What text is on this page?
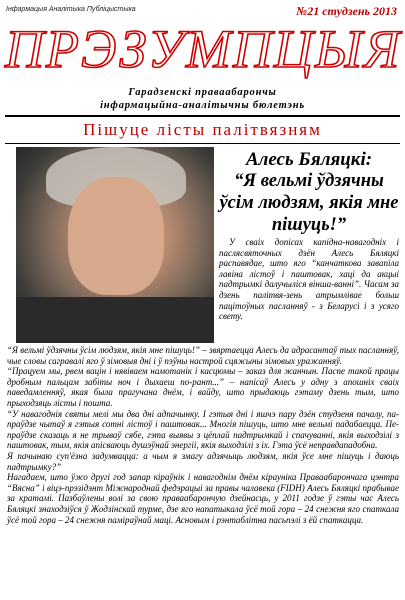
Інфармацыя Аналітыка Публіцыстыка	№21 студзень 2013
ПРЭЗУМПЦЫЯ
Гарадзенскі праваабарончы
інфармацыйна-аналітычны бюлетэнь
Пішуце лісты палітвязням
Алесь Бяляцкі:
“Я вельмі ўдзячны ўсім людзям, якія мне пішуць!”
У сваіх допісах капідна-навагодніх і паслясвяточных дзён Алесь Бяляцкі распавядае, што яго “канчаткова завапіла лавіна лістоў і паштовак, хаці да акцыі падтрымкі далучыліся вінша-ванні”. Часам за дзень палітвя-зень атрымлівае больш пацітоўных пасланняў - з Беларусі і з усяго свету.

“Я вельмі ўдзячны ўсім людзям, якія мне пішуць!” – звяртаецца Алесь да адрасантаў тых пасланняў, чые словы сагравалі яго ў зімовыя дні і ў пэўны настрой сцяжыны зімовых уражанняў.

“Працуем мы, рвем вацін і нявіваем намотанік і касцюмы – заказ для жанчын. Паспе такой працы дробным пальцам забіты ноч і дыхаеш по-рант...” – напісаў Алесь у адну з апошніх сваіх паведамленняў, якая была прагучана днём, і вайду, што прыдаюць гэтаму дзень тым, што прыходзяць лісты і пошта.

“У навагоднія святы мелі мы два дні адпачынку. І гэтыя дні і яшчэ пару дзён студзеня пачалу, па-праўдзе чытаў я гэтыя сотні лістоў і паштовак... Многія пішуць, што мне вельмі падабаецца. Пе-праўдзе сказаць я не трываў сябе, гэта выявы з цёплай падтрымкай і спачуванні, якія выходзілі з паштовак, тым, якія апісваюць душэўнай энергіі, якія выходзілі з іх. Гэта ўсё неправдападобна.

Я пачынаю суп'ёзна задумвацца: а чым я змагу адзячыць людзям, якія ўсе мне пішуць і даюць падтрымку?”

Нагадаем, што ўжо другі год запар кіраўнік і навагоднім днём кірауніка Праваабарончага цэнтра “Вясна” і віцэ-прэзідэнт Міжнароднай федэрацыі за правы чалавека (FIDH) Алесь Бяляцкі прабывае за кратамі. Пазбаўлены волі за свою праваабарончую дзейнасць, у 2011 годзе ў гэты час Алесь Бяляцкі знаходзіўся ў Жодзінскай турме, дзе яго напатыкала ўсё той гора – 24 снежня яго спаткала ўсё той гора – 24 снежня паміраўнай маці. Асновым і рэнтаблітна пасьпэлі з ёй спаткацца.
